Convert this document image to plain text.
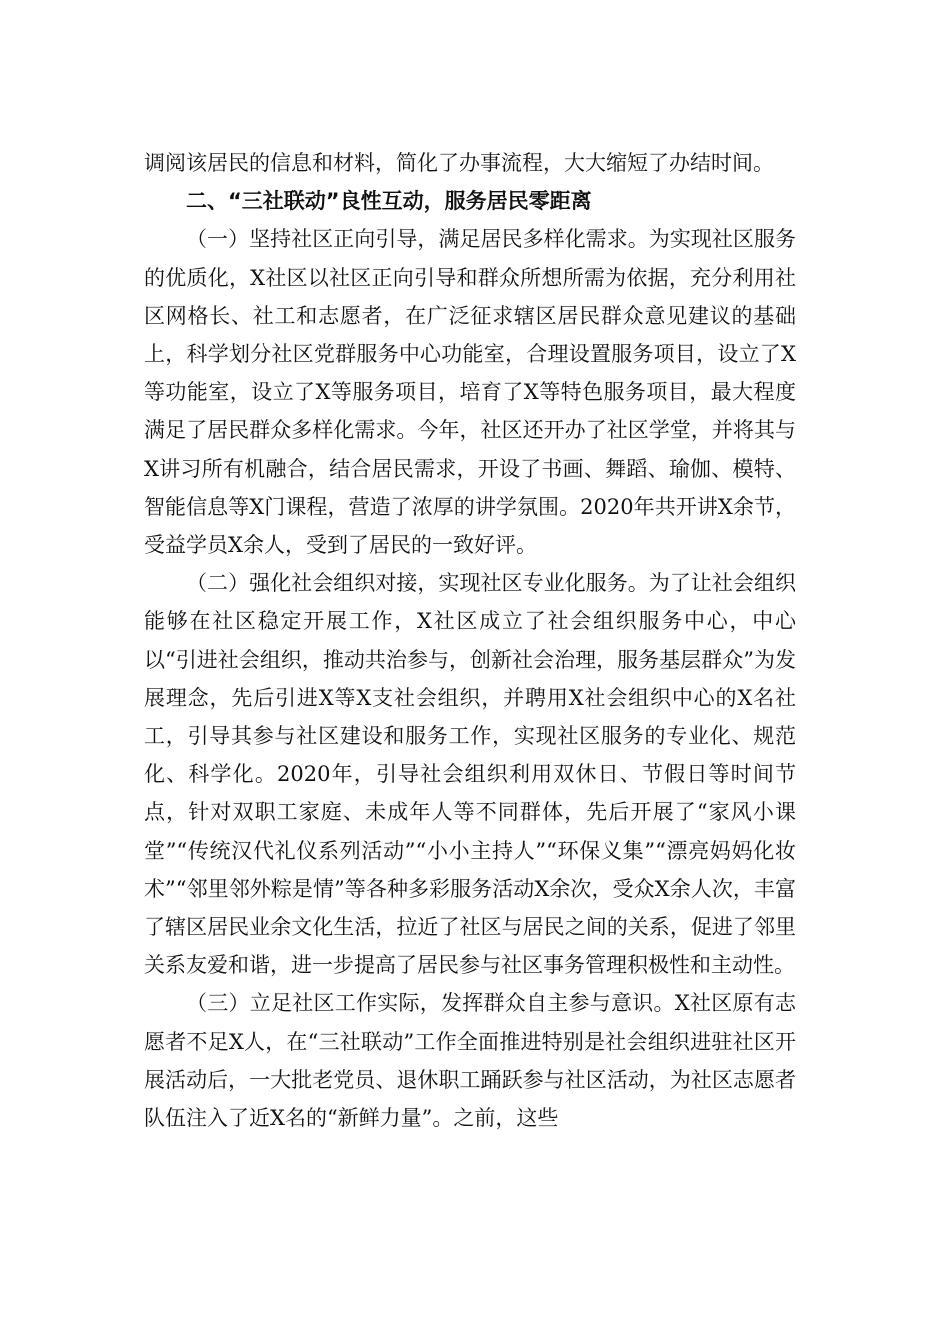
调阅该居民的信息和材料，简化了办事流程，大大缩短了办结时间。

二、“三社联动”良性互动，服务居民零距离

（一）坚持社区正向引导，满足居民多样化需求。为实现社区服务的优质化，X社区以社区正向引导和群众所想所需为依据，充分利用社区网格长、社工和志愿者，在广泛征求辖区居民群众意见建议的基础上，科学划分社区党群服务中心功能室，合理设置服务项目，设立了X等功能室，设立了X等服务项目，培育了X等特色服务项目，最大程度满足了居民群众多样化需求。今年，社区还开办了社区学堂，并将其与X讲习所有机融合，结合居民需求，开设了书画、舞蹈、瑜伽、模特、智能信息等X门课程，营造了浓厚的讲学氛围。2020年共开讲X余节，受益学员X余人，受到了居民的一致好评。

（二）强化社会组织对接，实现社区专业化服务。为了让社会组织能够在社区稳定开展工作，X社区成立了社会组织服务中心，中心以“引进社会组织，推动共治参与，创新社会治理，服务基层群众”为发展理念，先后引进X等X支社会组织，并聘用X社会组织中心的X名社工，引导其参与社区建设和服务工作，实现社区服务的专业化、规范化、科学化。2020年，引导社会组织利用双休日、节假日等时间节点，针对双职工家庭、未成年人等不同群体，先后开展了“家风小课堂”“传统汉代礼仪系列活动”“小小主持人”“环保义集”“漂亮妈妈化妆术”“邻里邻外粽是情”等各种多彩服务活动X余次，受众X余人次，丰富了辖区居民业余文化生活，拉近了社区与居民之间的关系，促进了邻里关系友爱和谐，进一步提高了居民参与社区事务管理积极性和主动性。

（三）立足社区工作实际，发挥群众自主参与意识。X社区原有志愿者不足X人，在“三社联动”工作全面推进特别是社会组织进驻社区开展活动后，一大批老党员、退休职工踊跃参与社区活动，为社区志愿者队伍注入了近X名的“新鲜力量”。之前，这些
